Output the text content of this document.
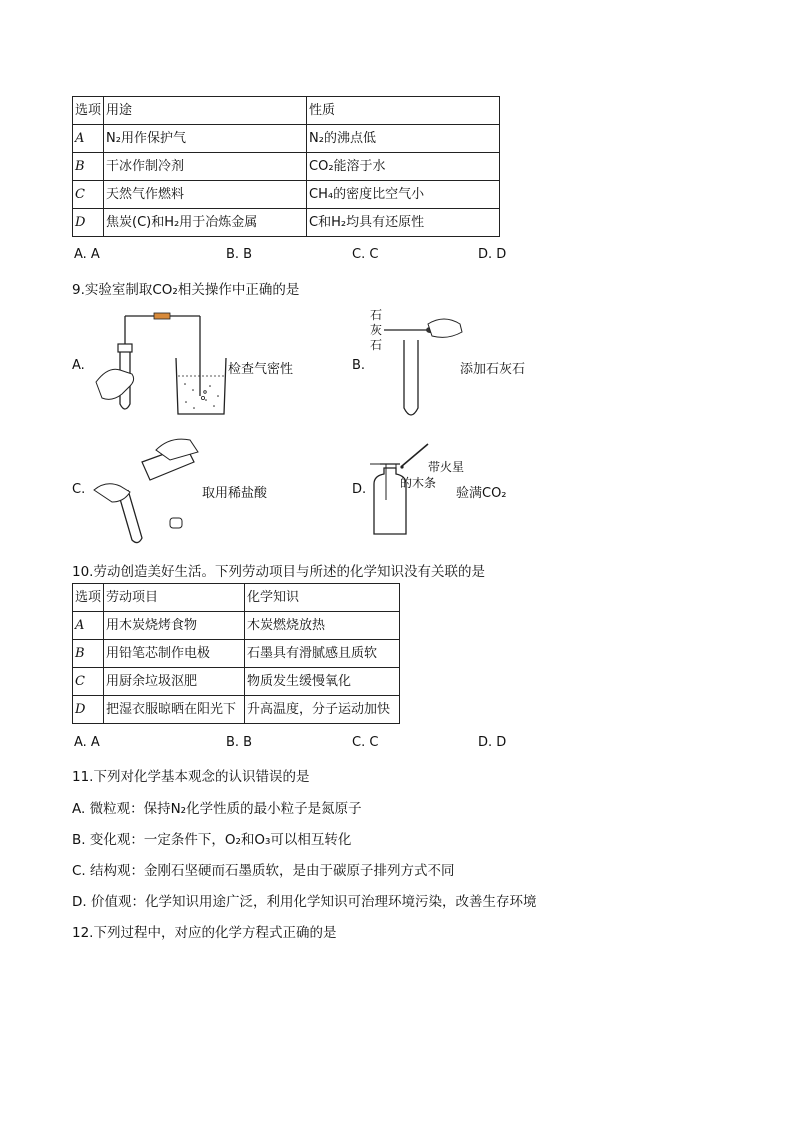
选项	用途	性质
A	N₂用作保护气	N₂的沸点低
B	干冰作制冷剂	CO₂能溶于水
C	天然气作燃料	CH₄的密度比空气小
D	焦炭(C)和H₂用于冶炼金属	C和H₂均具有还原性
A. A	B. B	C. C	D. D
9.实验室制取CO₂相关操作中正确的是
A.	检查气密性	B.
石灰石
添加石灰石
C.	取用稀盐酸	D.
带火星
的木条
验满CO₂
10.劳动创造美好生活。下列劳动项目与所述的化学知识没有关联的是
选项	劳动项目	化学知识
A	用木炭烧烤食物	木炭燃烧放热
B	用铅笔芯制作电极	石墨具有滑腻感且质软
C	用厨余垃圾沤肥	物质发生缓慢氧化
D	把湿衣服晾晒在阳光下	升高温度，分子运动加快
A. A	B. B	C. C	D. D
11.下列对化学基本观念的认识错误的是
A. 微粒观：保持N₂化学性质的最小粒子是氮原子
B. 变化观：一定条件下，O₂和O₃可以相互转化
C. 结构观：金刚石坚硬而石墨质软，是由于碳原子排列方式不同
D. 价值观：化学知识用途广泛，利用化学知识可治理环境污染，改善生存环境
12.下列过程中，对应的化学方程式正确的是
